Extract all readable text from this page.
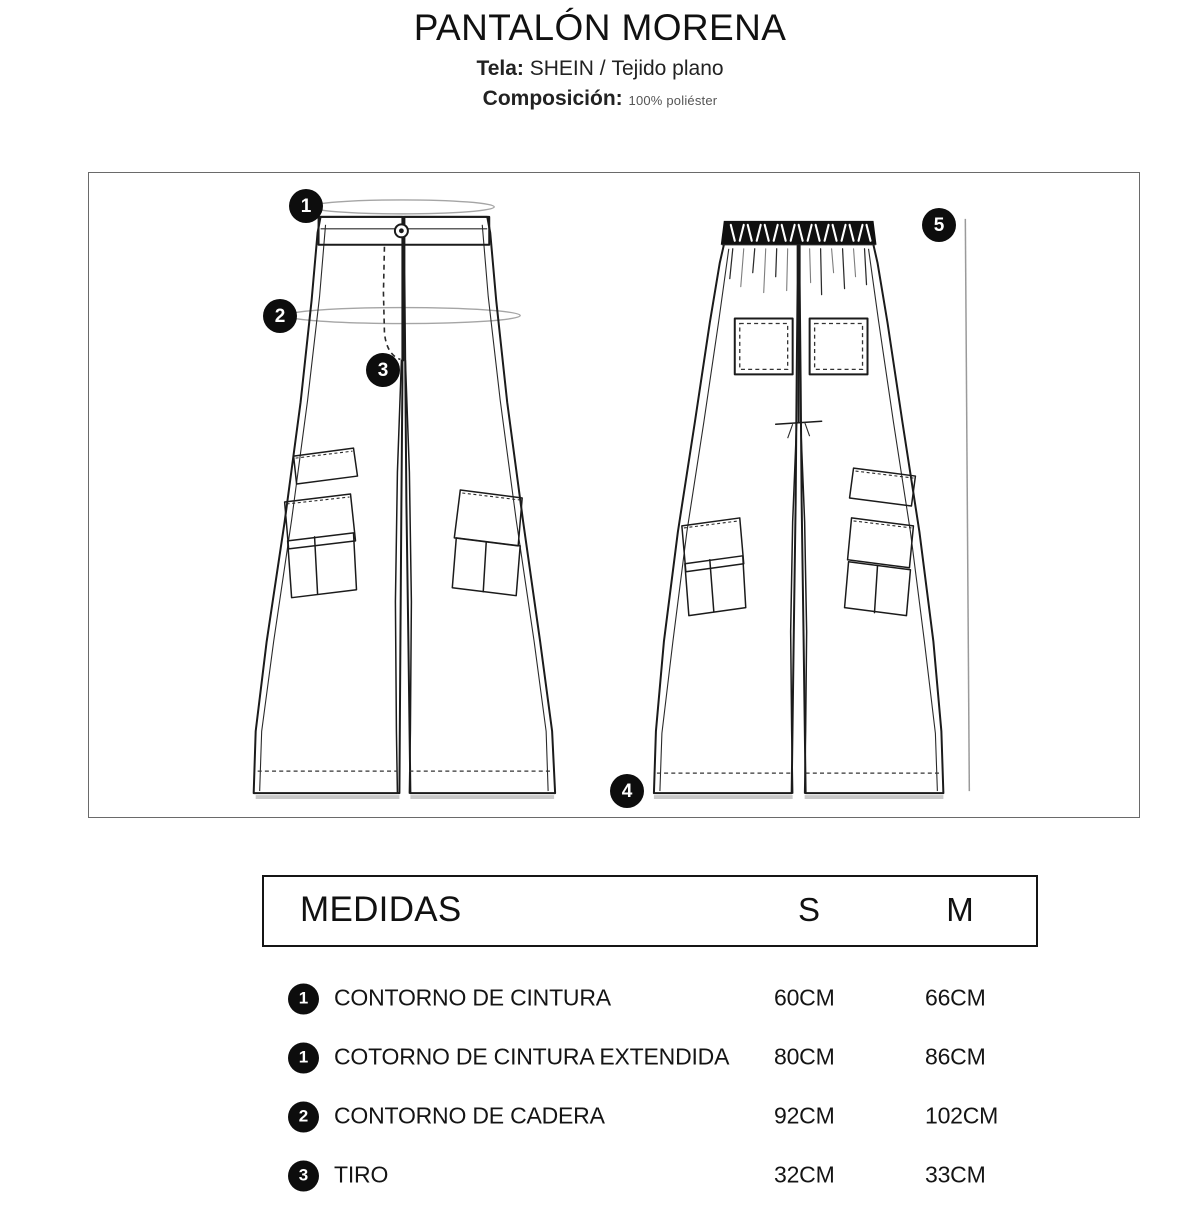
PANTALÓN MORENA

Tela: SHEIN / Tejido plano

Composición: 100% poliéster

1
2
3
4
5
MEDIDAS	S	M
1	CONTORNO DE CINTURA	60CM	66CM
1	COTORNO DE CINTURA EXTENDIDA 80CM	86CM
2	CONTORNO DE CADERA	92CM	102CM
3	TIRO	32CM	33CM
